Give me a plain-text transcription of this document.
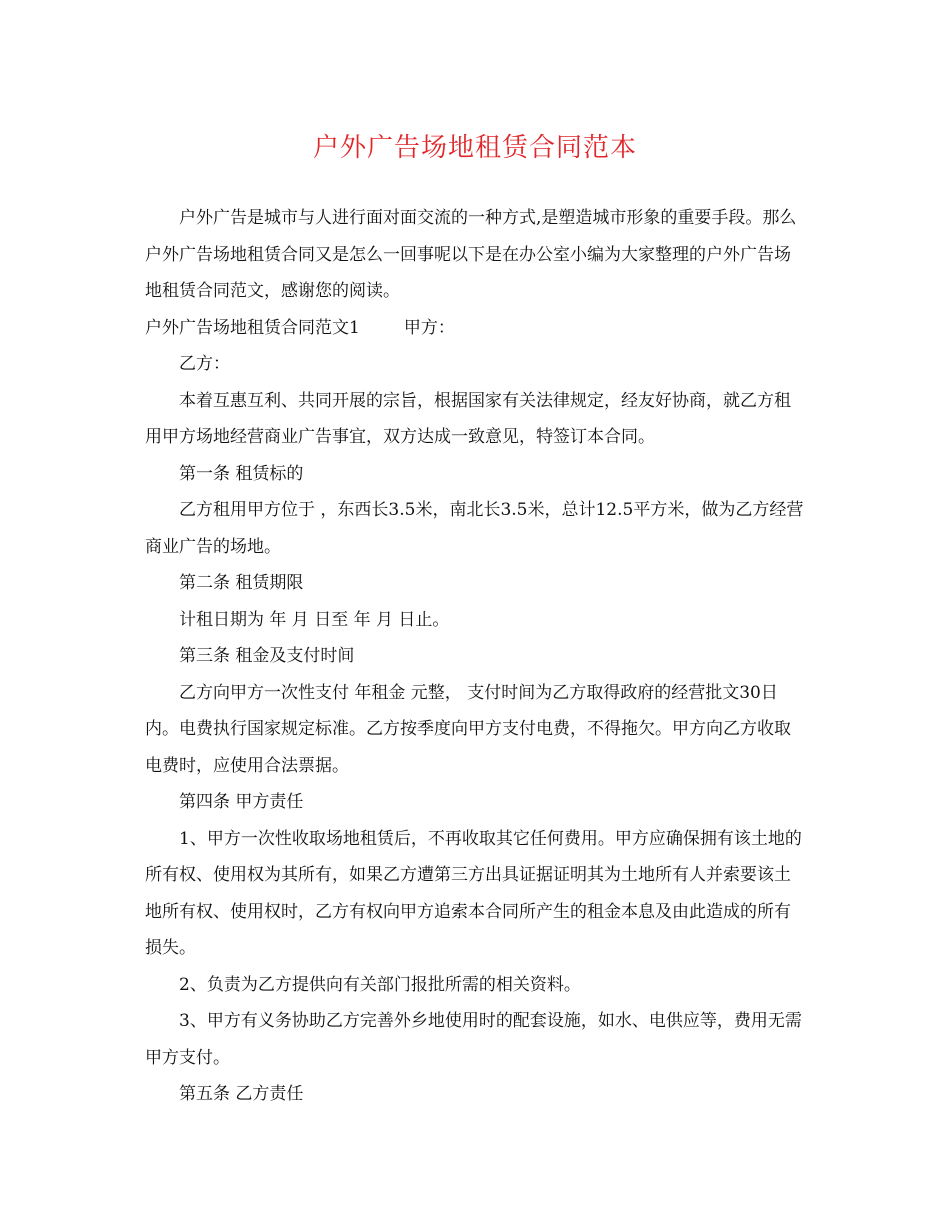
户外广告场地租赁合同范本

户外广告是城市与人进行面对面交流的一种方式,是塑造城市形象的重要手段。那么户外广告场地租赁合同又是怎么一回事呢以下是在办公室小编为大家整理的户外广告场地租赁合同范文，感谢您的阅读。

户外广告场地租赁合同范文1	甲方：

乙方：

本着互惠互利、共同开展的宗旨，根据国家有关法律规定，经友好协商，就乙方租用甲方场地经营商业广告事宜，双方达成一致意见，特签订本合同。

第一条 租赁标的

乙方租用甲方位于 ，东西长3.5米，南北长3.5米，总计12.5平方米，做为乙方经营商业广告的场地。

第二条 租赁期限

计租日期为 年 月 日至 年 月 日止。

第三条 租金及支付时间

乙方向甲方一次性支付 年租金 元整， 支付时间为乙方取得政府的经营批文30日内。电费执行国家规定标准。乙方按季度向甲方支付电费，不得拖欠。甲方向乙方收取电费时，应使用合法票据。

第四条 甲方责任

1、甲方一次性收取场地租赁后，不再收取其它任何费用。甲方应确保拥有该土地的所有权、使用权为其所有，如果乙方遭第三方出具证据证明其为土地所有人并索要该土地所有权、使用权时，乙方有权向甲方追索本合同所产生的租金本息及由此造成的所有损失。

2、负责为乙方提供向有关部门报批所需的相关资料。

3、甲方有义务协助乙方完善外乡地使用时的配套设施，如水、电供应等，费用无需甲方支付。

第五条 乙方责任
